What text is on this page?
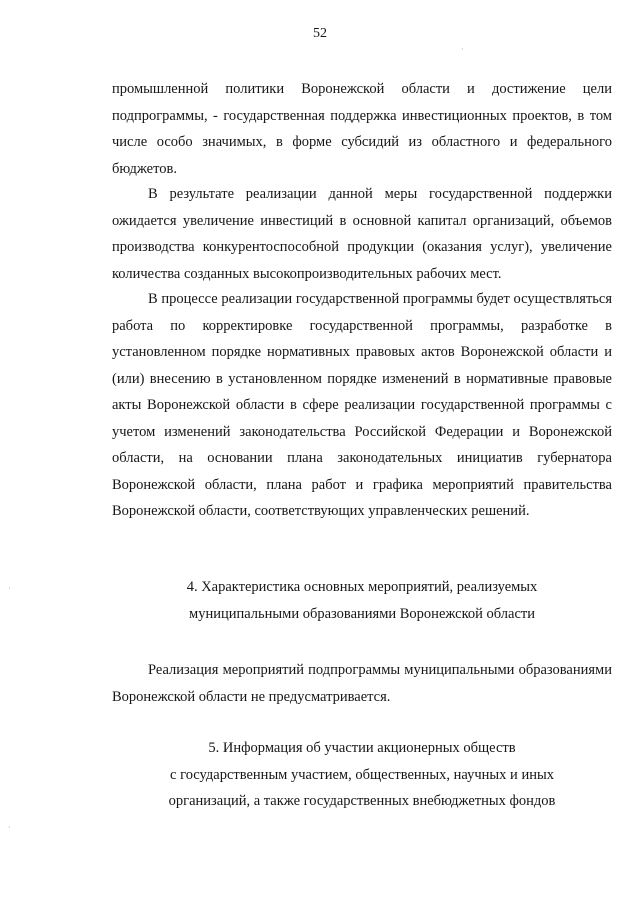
52

промышленной политики Воронежской области и достижение цели подпрограммы, - государственная поддержка инвестиционных проектов, в том числе особо значимых, в форме субсидий из областного и федерального бюджетов.

В результате реализации данной меры государственной поддержки ожидается увеличение инвестиций в основной капитал организаций, объемов производства конкурентоспособной продукции (оказания услуг), увеличение количества созданных высокопроизводительных рабочих мест.

В процессе реализации государственной программы будет осуществляться работа по корректировке государственной программы, разработке в установленном порядке нормативных правовых актов Воронежской области и (или) внесению в установленном порядке изменений в нормативные правовые акты Воронежской области в сфере реализации государственной программы с учетом изменений законодательства Российской Федерации и Воронежской области, на основании плана законодательных инициатив губернатора Воронежской области, плана работ и графика мероприятий правительства Воронежской области, соответствующих управленческих решений.

4. Характеристика основных мероприятий, реализуемых
муниципальными образованиями Воронежской области

Реализация мероприятий подпрограммы муниципальными образованиями Воронежской области не предусматривается.

5. Информация об участии акционерных обществ
с государственным участием, общественных, научных и иных
организаций, а также государственных внебюджетных фондов
·
·
·
